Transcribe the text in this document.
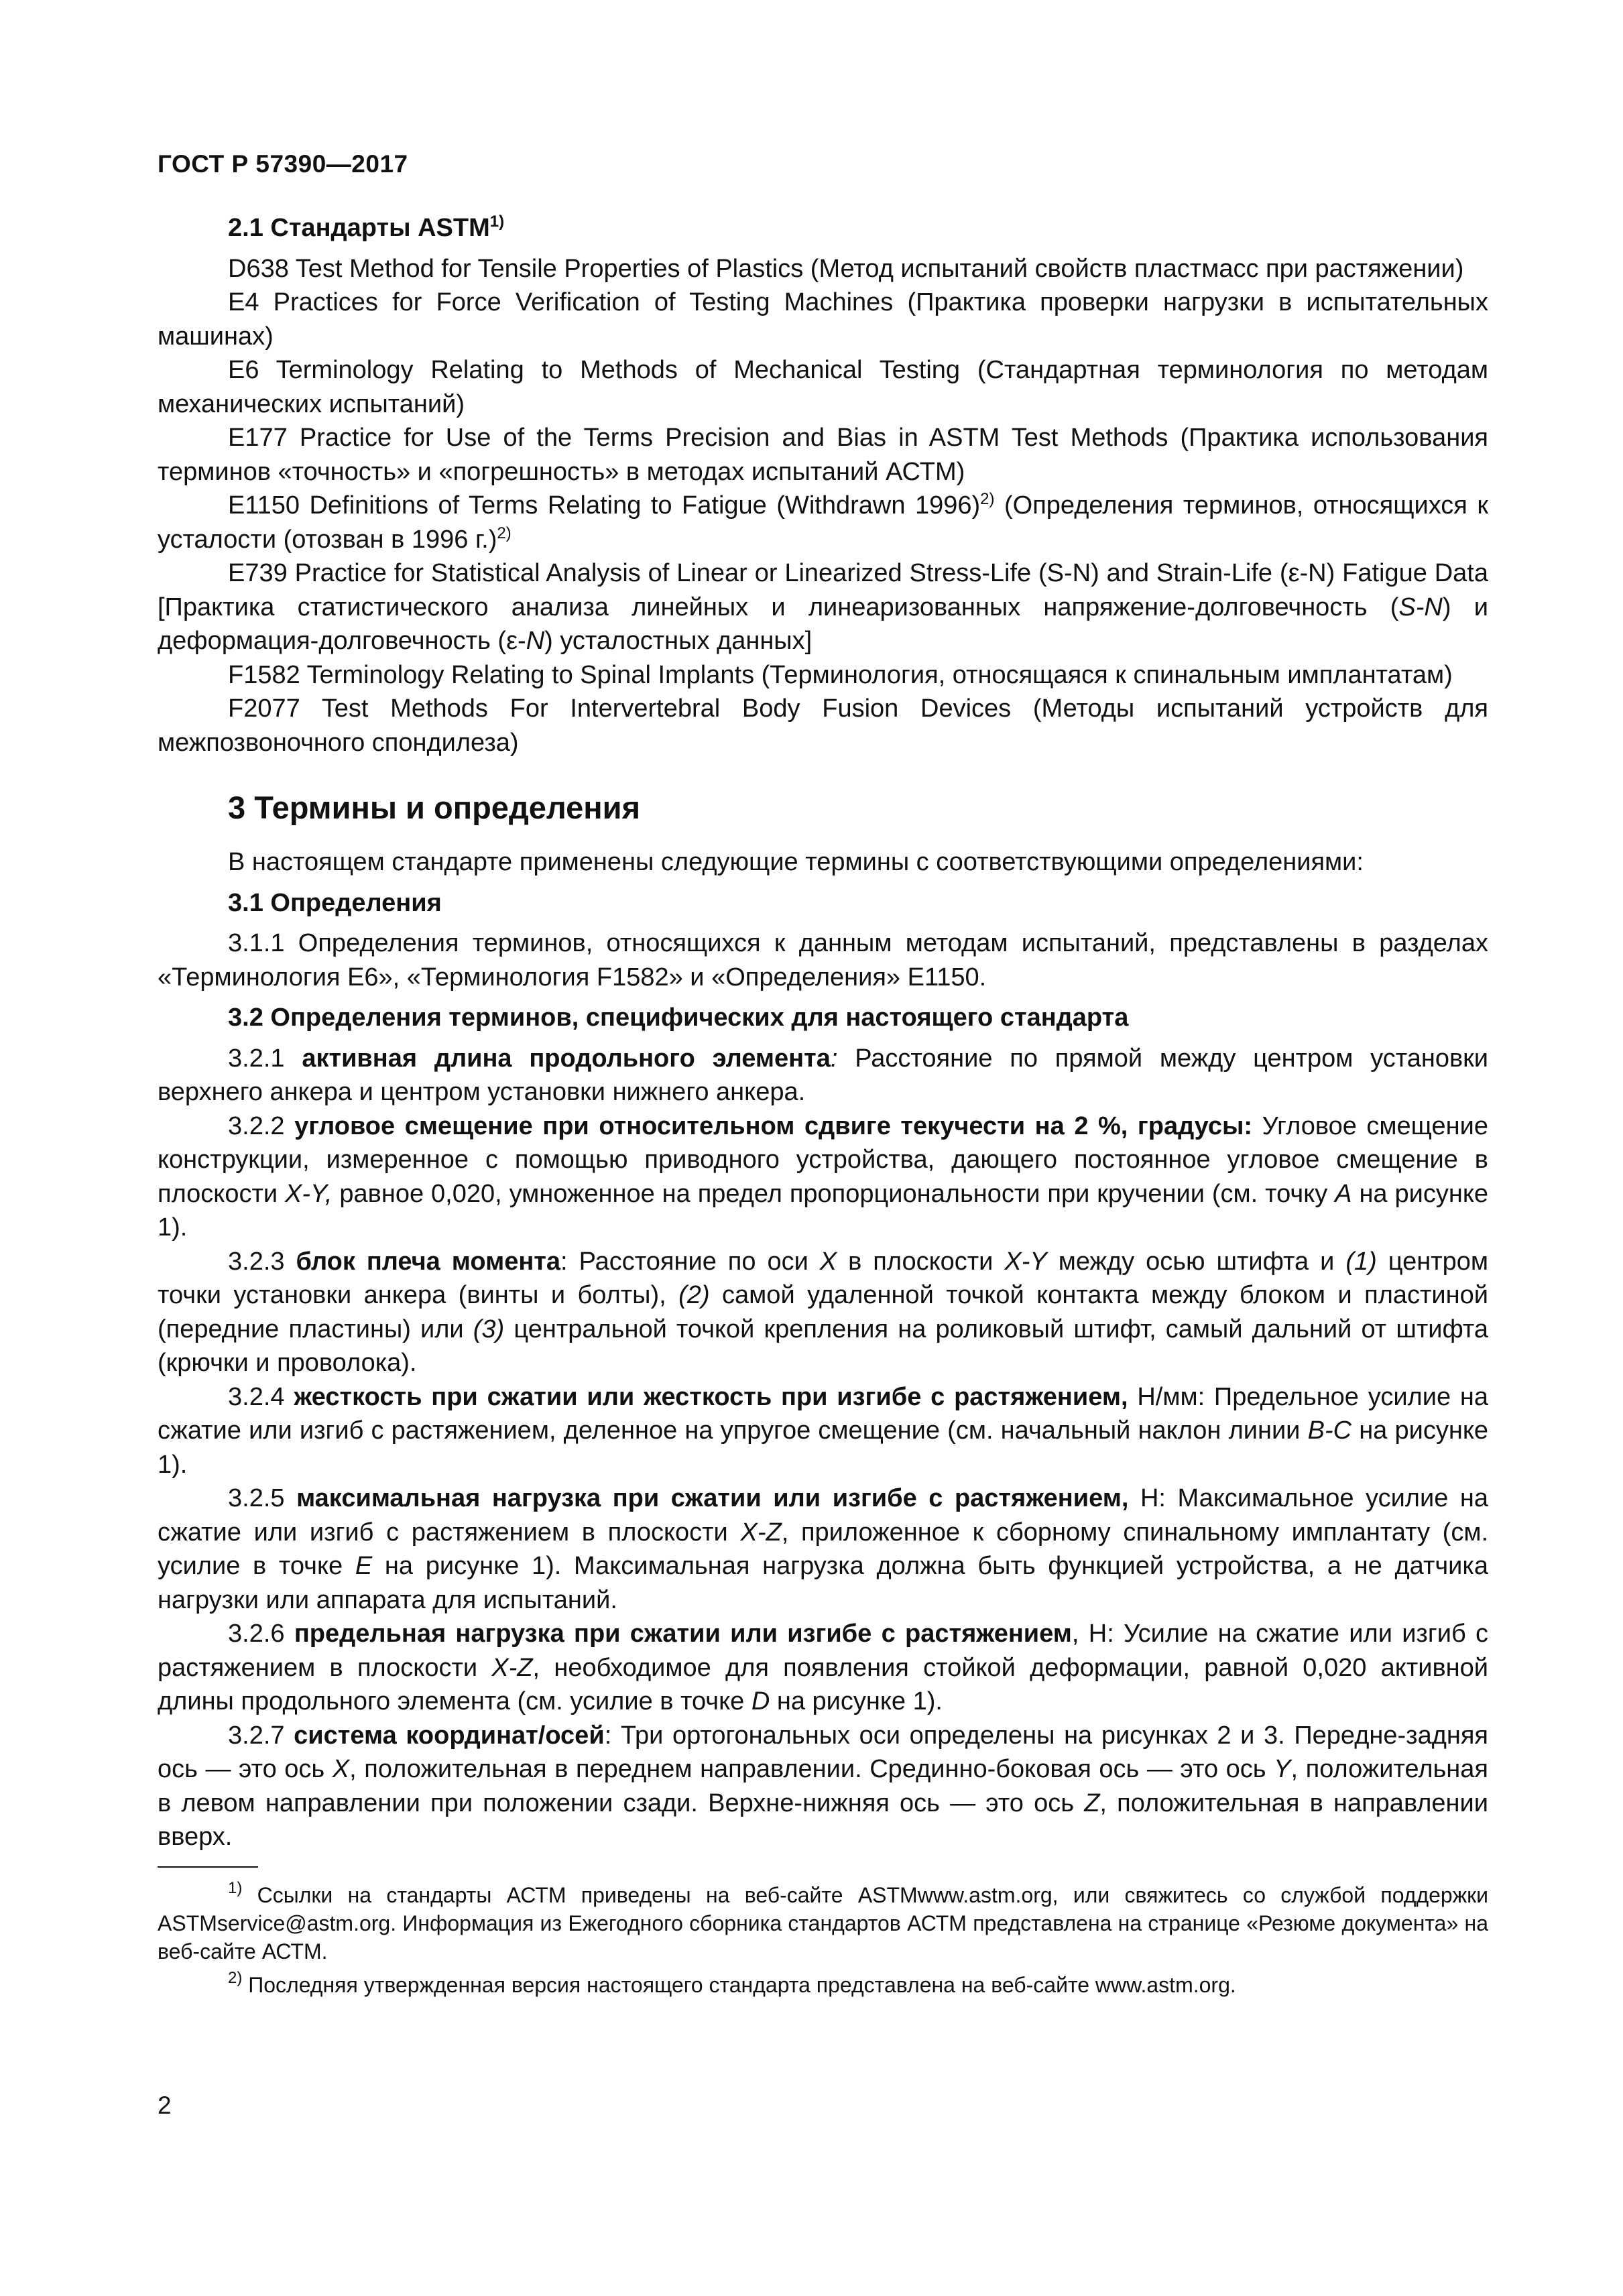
ГОСТ Р 57390—2017

2.1 Стандарты ASTM$^{1)}$

D638 Test Method for Tensile Properties of Plastics (Метод испытаний свойств пластмасс при растяжении)

E4 Practices for Force Verification of Testing Machines (Практика проверки нагрузки в испытательных машинах)

E6 Terminology Relating to Methods of Mechanical Testing (Стандартная терминология по методам механических испытаний)

E177 Practice for Use of the Terms Precision and Bias in ASTM Test Methods (Практика использования терминов «точность» и «погрешность» в методах испытаний АСТМ)

E1150 Definitions of Terms Relating to Fatigue (Withdrawn 1996)$^{2)}$ (Определения терминов, относящихся к усталости (отозван в 1996 г.)$^{2)}$

E739 Practice for Statistical Analysis of Linear or Linearized Stress-Life (S-N) and Strain-Life (ε-N) Fatigue Data [Практика статистического анализа линейных и линеаризованных напряжение-долговечность (S-N) и деформация-долговечность (ε-N) усталостных данных]

F1582 Terminology Relating to Spinal Implants (Терминология, относящаяся к спинальным имплантатам)

F2077 Test Methods For Intervertebral Body Fusion Devices (Методы испытаний устройств для межпозвоночного спондилеза)

3 Термины и определения

В настоящем стандарте применены следующие термины с соответствующими определениями:

3.1 Определения

3.1.1 Определения терминов, относящихся к данным методам испытаний, представлены в разделах «Терминология E6», «Терминология F1582» и «Определения» E1150.

3.2 Определения терминов, специфических для настоящего стандарта

3.2.1 активная длина продольного элемента: Расстояние по прямой между центром установки верхнего анкера и центром установки нижнего анкера.

3.2.2 угловое смещение при относительном сдвиге текучести на 2 %, градусы: Угловое смещение конструкции, измеренное с помощью приводного устройства, дающего постоянное угловое смещение в плоскости X-Y, равное 0,020, умноженное на предел пропорциональности при кручении (см. точку A на рисунке 1).

3.2.3 блок плеча момента: Расстояние по оси X в плоскости X-Y между осью штифта и (1) центром точки установки анкера (винты и болты), (2) самой удаленной точкой контакта между блоком и пластиной (передние пластины) или (3) центральной точкой крепления на роликовый штифт, самый дальний от штифта (крючки и проволока).

3.2.4 жесткость при сжатии или жесткость при изгибе с растяжением, Н/мм: Предельное усилие на сжатие или изгиб с растяжением, деленное на упругое смещение (см. начальный наклон линии B-C на рисунке 1).

3.2.5 максимальная нагрузка при сжатии или изгибе с растяжением, Н: Максимальное усилие на сжатие или изгиб с растяжением в плоскости X-Z, приложенное к сборному спинальному имплантату (см. усилие в точке E на рисунке 1). Максимальная нагрузка должна быть функцией устройства, а не датчика нагрузки или аппарата для испытаний.

3.2.6 предельная нагрузка при сжатии или изгибе с растяжением, Н: Усилие на сжатие или изгиб с растяжением в плоскости X-Z, необходимое для появления стойкой деформации, равной 0,020 активной длины продольного элемента (см. усилие в точке D на рисунке 1).

3.2.7 система координат/осей: Три ортогональных оси определены на рисунках 2 и 3. Передне-задняя ось — это ось X, положительная в переднем направлении. Срединно-боковая ось — это ось Y, положительная в левом направлении при положении сзади. Верхне-нижняя ось — это ось Z, положительная в направлении вверх.

$^{1)}$ Ссылки на стандарты АСТМ приведены на веб-сайте ASTMwww.astm.org, или свяжитесь со службой поддержки ASTMservice@astm.org. Информация из Ежегодного сборника стандартов АСТМ представлена на странице «Резюме документа» на веб-сайте АСТМ.

$^{2)}$ Последняя утвержденная версия настоящего стандарта представлена на веб-сайте www.astm.org.

2
